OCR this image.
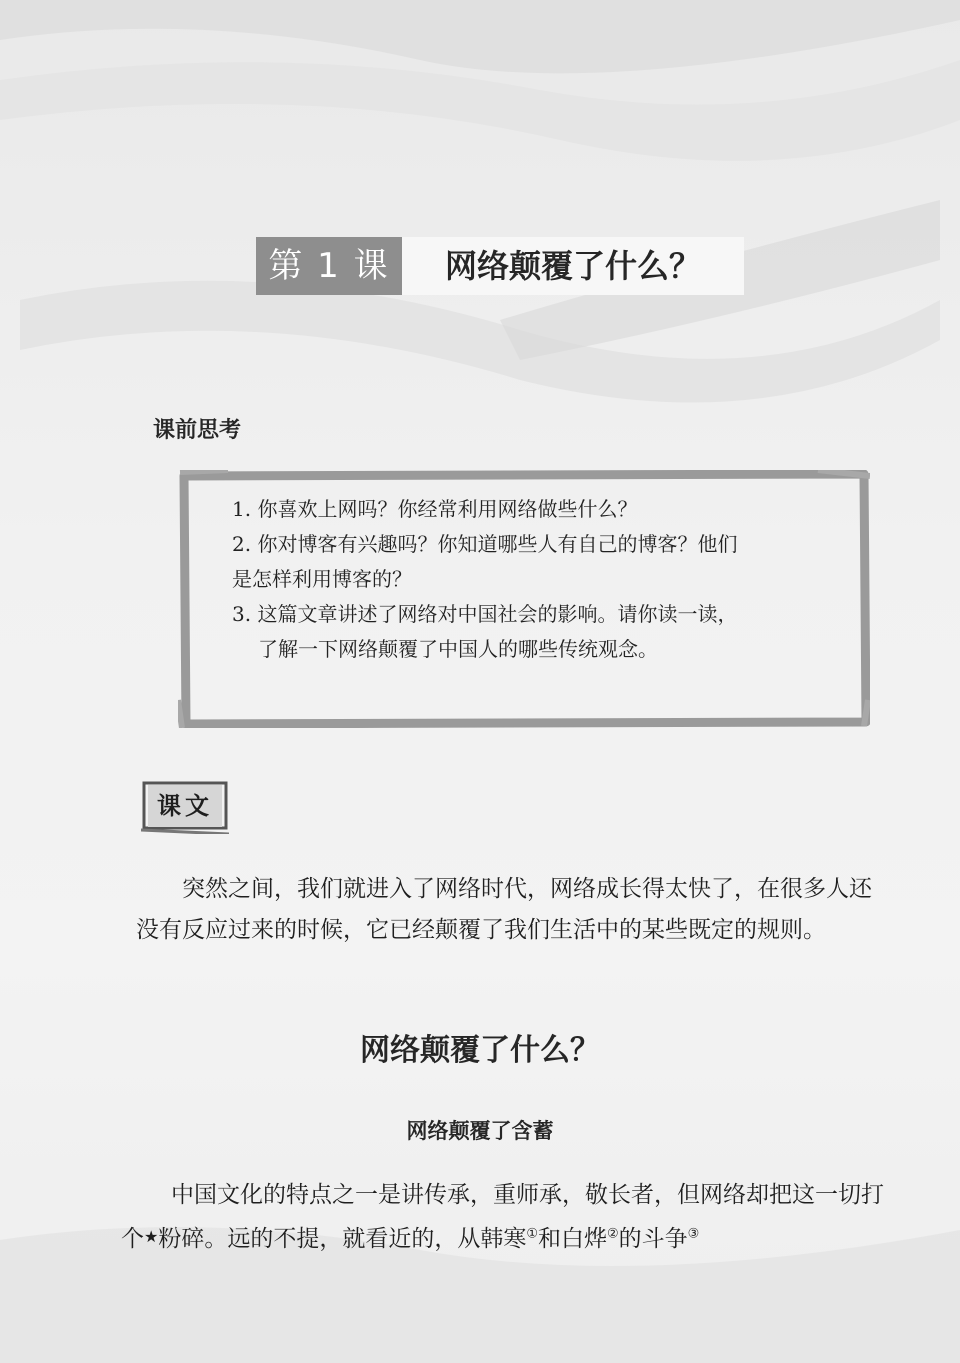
第 1 课	网络颠覆了什么？
课前思考
1. 你喜欢上网吗？你经常利用网络做些什么？
2. 你对博客有兴趣吗？你知道哪些人有自己的博客？他们
是怎样利用博客的？
3. 这篇文章讲述了网络对中国社会的影响。请你读一读，
了解一下网络颠覆了中国人的哪些传统观念。
课文

突然之间，我们就进入了网络时代，网络成长得太快了，在很多人还没有反应过来的时候，它已经颠覆了我们生活中的某些既定的规则。

网络颠覆了什么？
网络颠覆了含蓄

中国文化的特点之一是讲传承，重师承，敬长者，但网络却把这一切打个★粉碎。远的不提，就看近的，从韩寒①和白烨②的斗争③
